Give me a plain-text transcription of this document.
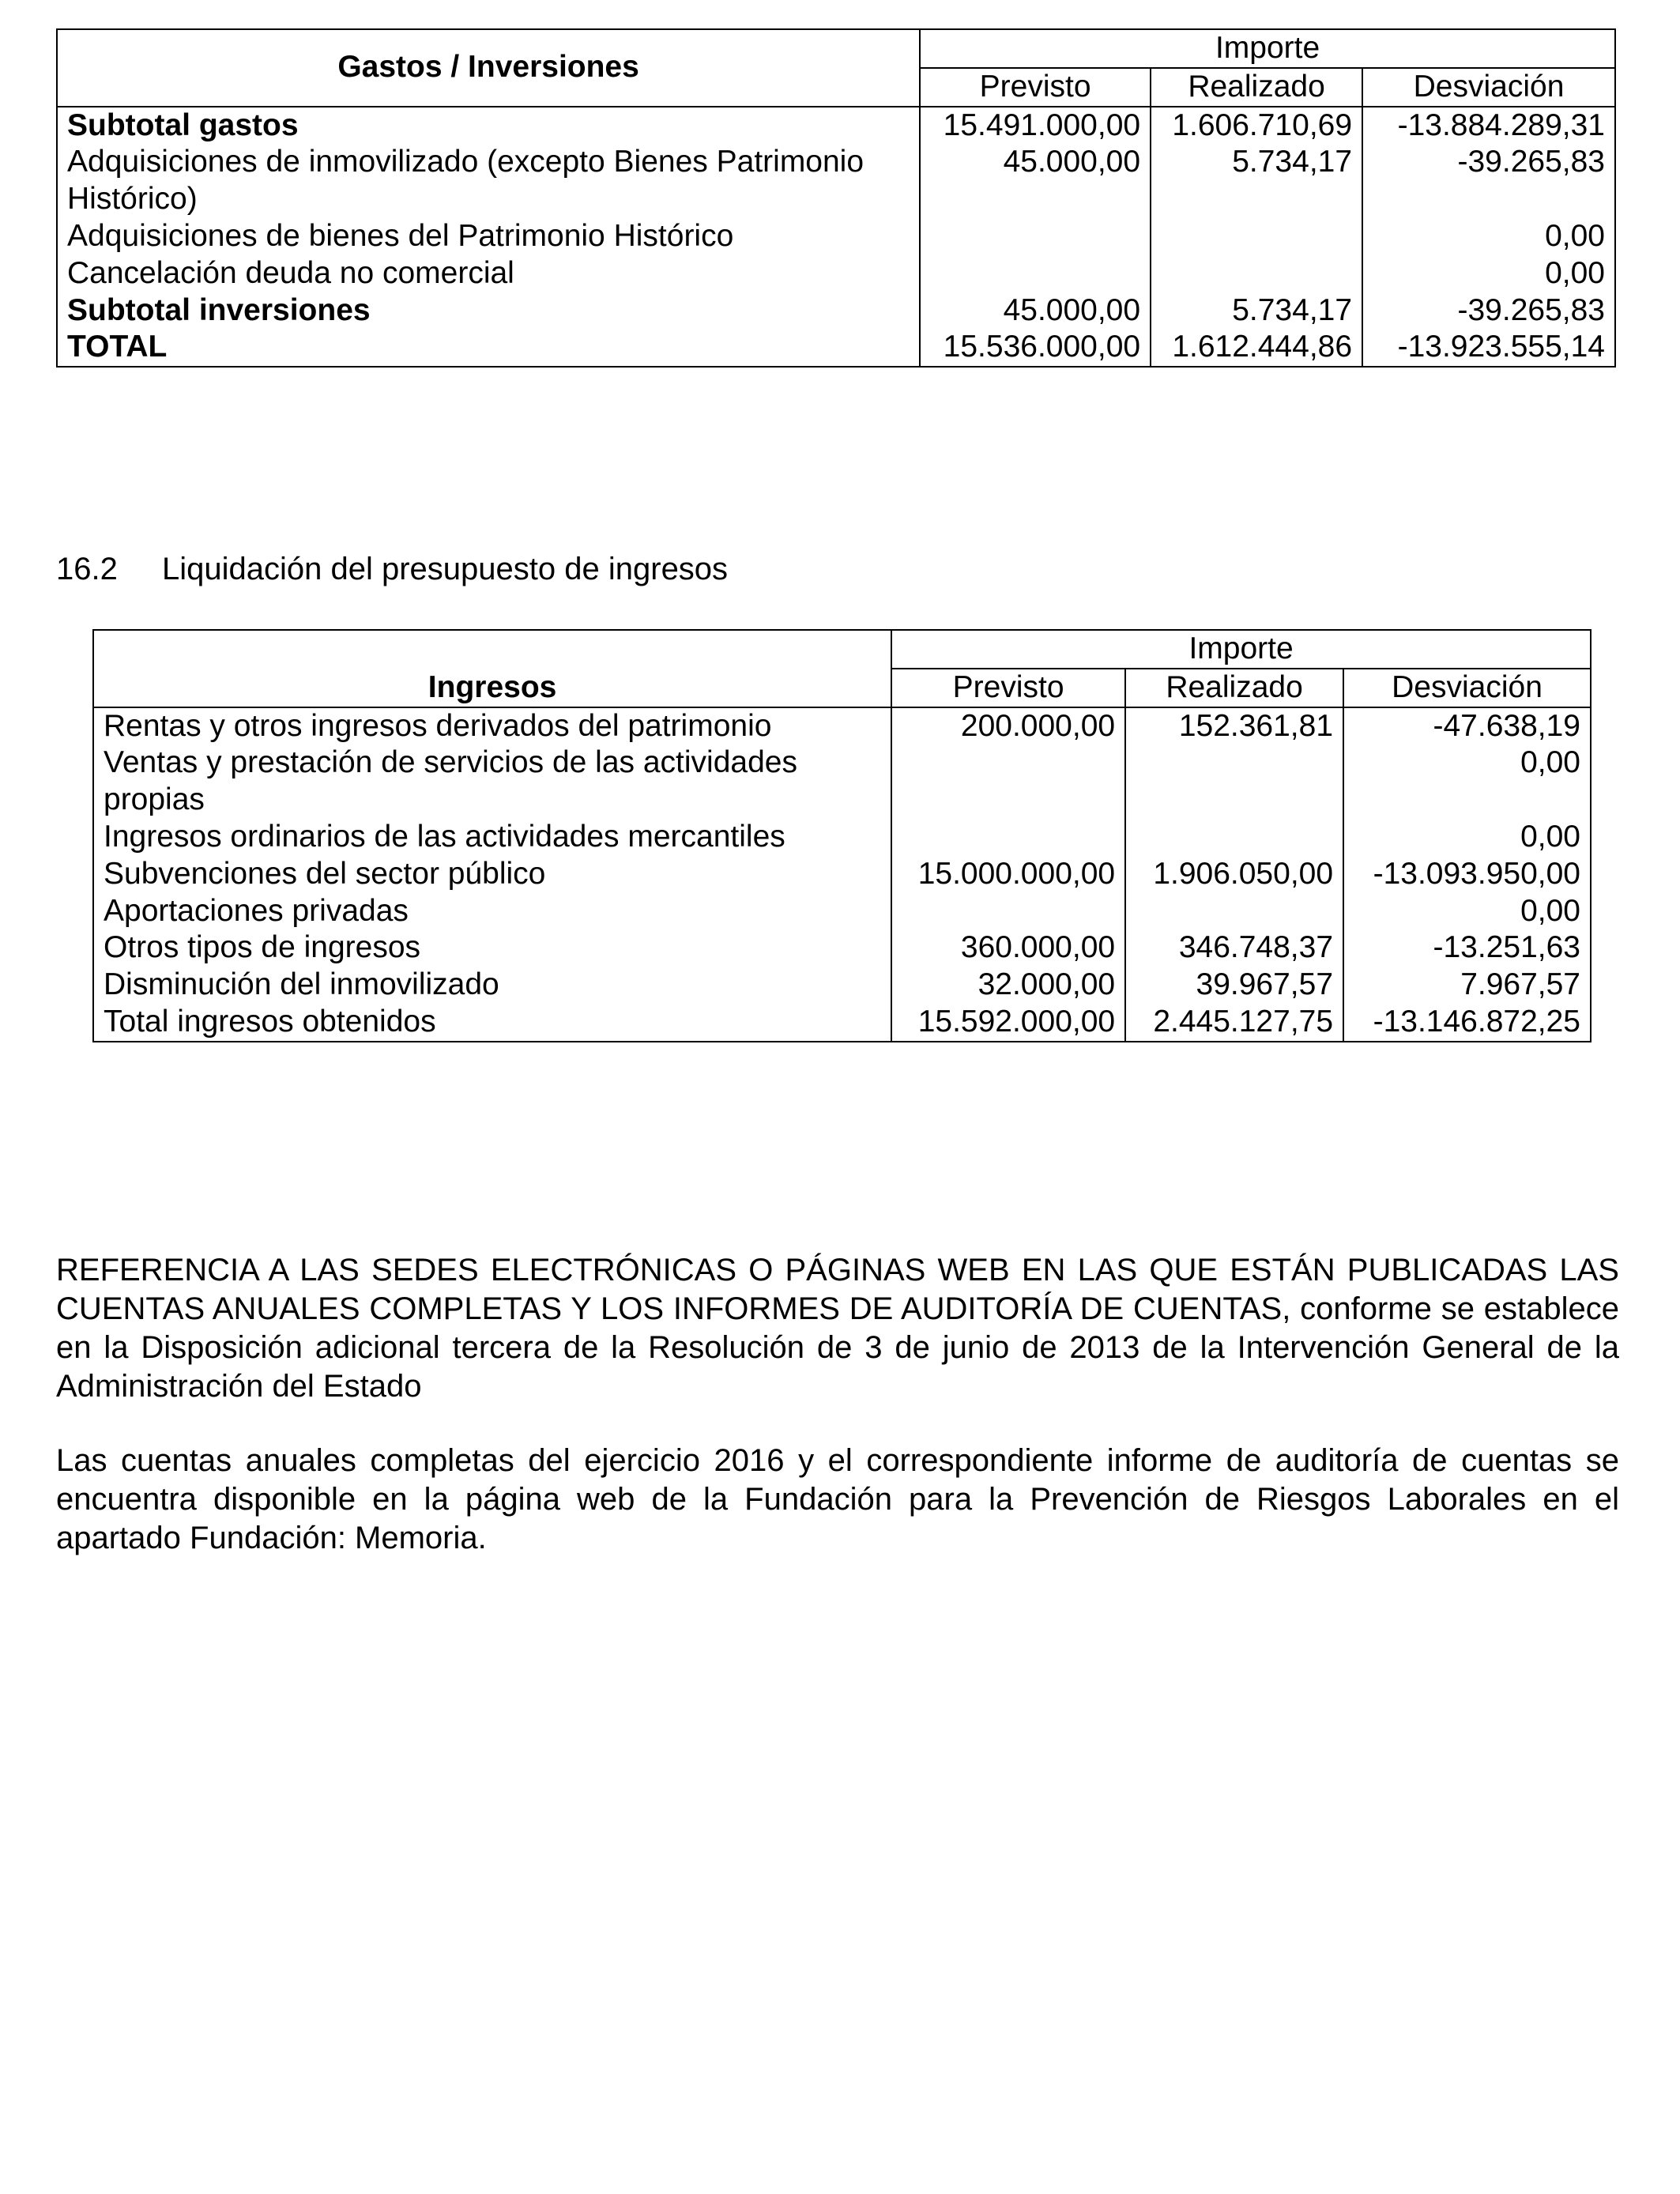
Gastos / Inversiones	Importe		
	Previsto	Realizado	Desviación
Subtotal gastos	15.491.000,00	1.606.710,69	-13.884.289,31
Adquisiciones de inmovilizado (excepto Bienes Patrimonio Histórico)	45.000,00	5.734,17	-39.265,83
Adquisiciones de bienes del Patrimonio Histórico			0,00
Cancelación deuda no comercial			0,00
Subtotal inversiones	45.000,00	5.734,17	-39.265,83
TOTAL	15.536.000,00	1.612.444,86	-13.923.555,14
16.2 Liquidación del presupuesto de ingresos
Ingresos	Importe		
	Previsto	Realizado	Desviación
Rentas y otros ingresos derivados del patrimonio	200.000,00	152.361,81	-47.638,19
Ventas y prestación de servicios de las actividades propias			0,00
Ingresos ordinarios de las actividades mercantiles			0,00
Subvenciones del sector público	15.000.000,00	1.906.050,00	-13.093.950,00
Aportaciones privadas			0,00
Otros tipos de ingresos	360.000,00	346.748,37	-13.251,63
Disminución del inmovilizado	32.000,00	39.967,57	7.967,57
Total ingresos obtenidos	15.592.000,00	2.445.127,75	-13.146.872,25

REFERENCIA A LAS SEDES ELECTRÓNICAS O PÁGINAS WEB EN LAS QUE ESTÁN PUBLICADAS LAS CUENTAS ANUALES COMPLETAS Y LOS INFORMES DE AUDITORÍA DE CUENTAS, conforme se establece en la Disposición adicional tercera de la Resolución de 3 de junio de 2013 de la Intervención General de la Administración del Estado

Las cuentas anuales completas del ejercicio 2016 y el correspondiente informe de auditoría de cuentas se encuentra disponible en la página web de la Fundación para la Prevención de Riesgos Laborales en el apartado Fundación: Memoria.
